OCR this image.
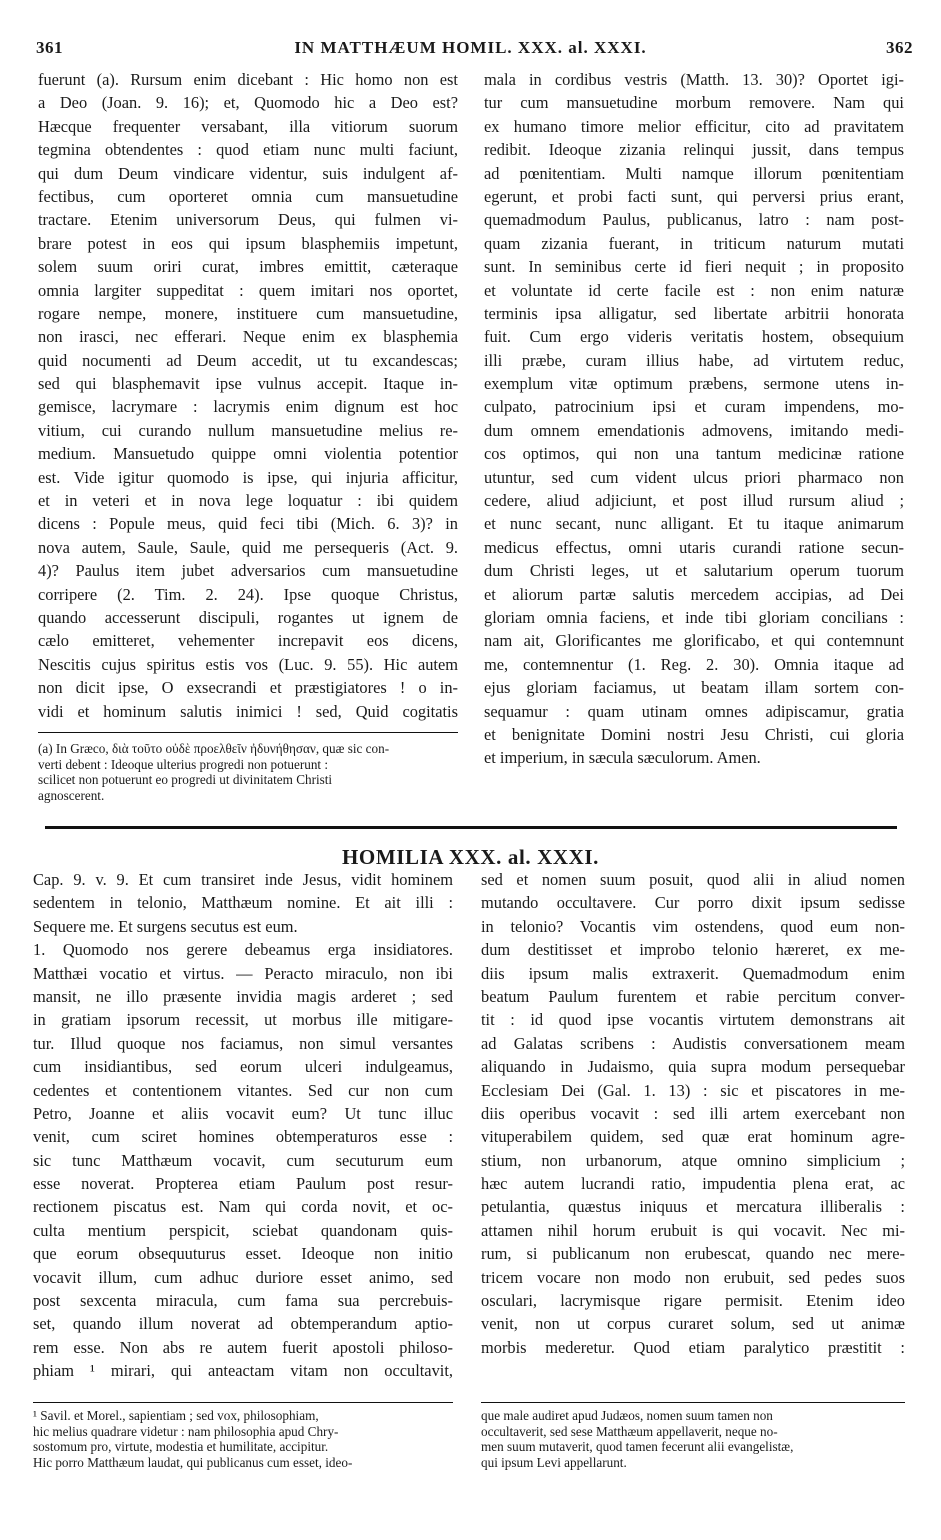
361	IN MATTHÆUM HOMIL. XXX. al. XXXI.	362
fuerunt (a). Rursum enim dicebant : Hic homo non est
a Deo (Joan. 9. 16); et, Quomodo hic a Deo est?
Hæcque frequenter versabant, illa vitiorum suorum
tegmina obtendentes : quod etiam nunc multi faciunt,
qui dum Deum vindicare videntur, suis indulgent af-
fectibus, cum oporteret omnia cum mansuetudine
tractare. Etenim universorum Deus, qui fulmen vi-
brare potest in eos qui ipsum blasphemiis impetunt,
solem suum oriri curat, imbres emittit, cæteraque
omnia largiter suppeditat : quem imitari nos oportet,
rogare nempe, monere, instituere cum mansuetudine,
non irasci, nec efferari. Neque enim ex blasphemia
quid nocumenti ad Deum accedit, ut tu excandescas;
sed qui blasphemavit ipse vulnus accepit. Itaque in-
gemisce, lacrymare : lacrymis enim dignum est hoc
vitium, cui curando nullum mansuetudine melius re-
medium. Mansuetudo quippe omni violentia potentior
est. Vide igitur quomodo is ipse, qui injuria afficitur,
et in veteri et in nova lege loquatur : ibi quidem
dicens : Popule meus, quid feci tibi (Mich. 6. 3)? in
nova autem, Saule, Saule, quid me persequeris (Act. 9.
4)? Paulus item jubet adversarios cum mansuetudine
corripere (2. Tim. 2. 24). Ipse quoque Christus,
quando accesserunt discipuli, rogantes ut ignem de
cælo emitteret, vehementer increpavit eos dicens,
Nescitis cujus spiritus estis vos (Luc. 9. 55). Hic autem
non dicit ipse, O exsecrandi et præstigiatores ! o in-
vidi et hominum salutis inimici ! sed, Quid cogitatis
(a) In Græco, διὰ τοῦτο οὐδὲ προελθεῖν ἠδυνήθησαν, quæ sic con-
verti debent : Ideoque ulterius progredi non potuerunt :
scilicet non potuerunt eo progredi ut divinitatem Christi
agnoscerent.
mala in cordibus vestris (Matth. 13. 30)? Oportet igi-
tur cum mansuetudine morbum removere. Nam qui
ex humano timore melior efficitur, cito ad pravitatem
redibit. Ideoque zizania relinqui jussit, dans tempus
ad pœnitentiam. Multi namque illorum pœnitentiam
egerunt, et probi facti sunt, qui perversi prius erant,
quemadmodum Paulus, publicanus, latro : nam post-
quam zizania fuerant, in triticum naturum mutati
sunt. In seminibus certe id fieri nequit ; in proposito
et voluntate id certe facile est : non enim naturæ
terminis ipsa alligatur, sed libertate arbitrii honorata
fuit. Cum ergo videris veritatis hostem, obsequium
illi præbe, curam illius habe, ad virtutem reduc,
exemplum vitæ optimum præbens, sermone utens in-
culpato, patrocinium ipsi et curam impendens, mo-
dum omnem emendationis admovens, imitando medi-
cos optimos, qui non una tantum medicinæ ratione
utuntur, sed cum vident ulcus priori pharmaco non
cedere, aliud adjiciunt, et post illud rursum aliud ;
et nunc secant, nunc alligant. Et tu itaque animarum
medicus effectus, omni utaris curandi ratione secun-
dum Christi leges, ut et salutarium operum tuorum
et aliorum partæ salutis mercedem accipias, ad Dei
gloriam omnia faciens, et inde tibi gloriam concilians :
nam ait, Glorificantes me glorificabo, et qui contemnunt
me, contemnentur (1. Reg. 2. 30). Omnia itaque ad
ejus gloriam faciamus, ut beatam illam sortem con-
sequamur : quam utinam omnes adipiscamur, gratia
et benignitate Domini nostri Jesu Christi, cui gloria
et imperium, in sæcula sæculorum. Amen.
HOMILIA XXX. al. XXXI.
Cap. 9. v. 9. Et cum transiret inde Jesus, vidit hominem
sedentem in telonio, Matthæum nomine. Et ait illi :
Sequere me. Et surgens secutus est eum.
1. Quomodo nos gerere debeamus erga insidiatores.
Matthæi vocatio et virtus. — Peracto miraculo, non ibi
mansit, ne illo præsente invidia magis arderet ; sed
in gratiam ipsorum recessit, ut morbus ille mitigare-
tur. Illud quoque nos faciamus, non simul versantes
cum insidiantibus, sed eorum ulceri indulgeamus,
cedentes et contentionem vitantes. Sed cur non cum
Petro, Joanne et aliis vocavit eum? Ut tunc illuc
venit, cum sciret homines obtemperaturos esse :
sic tunc Matthæum vocavit, cum secuturum eum
esse noverat. Propterea etiam Paulum post resur-
rectionem piscatus est. Nam qui corda novit, et oc-
culta mentium perspicit, sciebat quandonam quis-
que eorum obsequuturus esset. Ideoque non initio
vocavit illum, cum adhuc duriore esset animo, sed
post sexcenta miracula, cum fama sua percrebuis-
set, quando illum noverat ad obtemperandum aptio-
rem esse. Non abs re autem fuerit apostoli philoso-
phiam ¹ mirari, qui anteactam vitam non occultavit,
¹ Savil. et Morel., sapientiam ; sed vox, philosophiam,
hic melius quadrare videtur : nam philosophia apud Chry-
sostomum pro, virtute, modestia et humilitate, accipitur.
Hic porro Matthæum laudat, qui publicanus cum esset, ideo-
sed et nomen suum posuit, quod alii in aliud nomen
mutando occultavere. Cur porro dixit ipsum sedisse
in telonio? Vocantis vim ostendens, quod eum non-
dum destitisset et improbo telonio hæreret, ex me-
diis ipsum malis extraxerit. Quemadmodum enim
beatum Paulum furentem et rabie percitum conver-
tit : id quod ipse vocantis virtutem demonstrans ait
ad Galatas scribens : Audistis conversationem meam
aliquando in Judaismo, quia supra modum persequebar
Ecclesiam Dei (Gal. 1. 13) : sic et piscatores in me-
diis operibus vocavit : sed illi artem exercebant non
vituperabilem quidem, sed quæ erat hominum agre-
stium, non urbanorum, atque omnino simplicium ;
hæc autem lucrandi ratio, impudentia plena erat, ac
petulantia, quæstus iniquus et mercatura illiberalis :
attamen nihil horum erubuit is qui vocavit. Nec mi-
rum, si publicanum non erubescat, quando nec mere-
tricem vocare non modo non erubuit, sed pedes suos
osculari, lacrymisque rigare permisit. Etenim ideo
venit, non ut corpus curaret solum, sed ut animæ
morbis mederetur. Quod etiam paralytico præstitit :
que male audiret apud Judæos, nomen suum tamen non
occultaverit, sed sese Matthæum appellaverit, neque no-
men suum mutaverit, quod tamen fecerunt alii evangelistæ,
qui ipsum Levi appellarunt.
